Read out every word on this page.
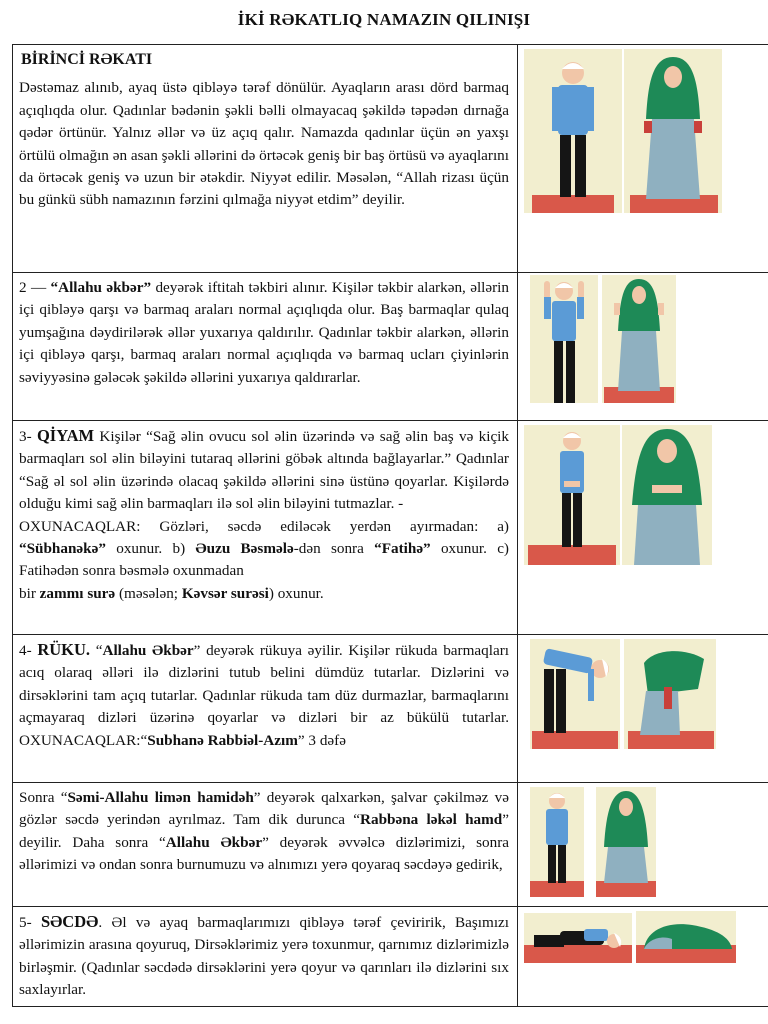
İKİ RƏKATLIQ NAMAZIN QILINIŞI
BİRİNCİ RƏKATI
Dəstəmaz alınıb, ayaq üstə qibləyə tərəf dönülür. Ayaqların arası dörd barmaq açıqlıqda olur. Qadınlar bədənin şəkli bəlli olmayacaq şəkildə təpədən dırnağa qədər örtünür. Yalnız əllər və üz açıq qalır. Namazda qadınlar üçün ən yaxşı örtülü olmağın ən asan şəkli əllərini də örtəcək geniş bir baş örtüsü və ayaqlarını da örtəcək geniş və uzun bir ətəkdir. Niyyət edilir. Məsələn, “Allah rizası üçün bu günkü sübh namazının fərzini qılmağa niyyət etdim” deyilir.	

2 — “Allahu əkbər” deyərək iftitah təkbiri alınır. Kişilər təkbir alarkən, əllərin içi qibləyə qarşı və barmaq araları normal açıqlıqda olur. Baş barmaqlar qulaq yumşağına dəydirilərək əllər yuxarıya qaldırılır. Qadınlar təkbir alarkən, əllərin içi qibləyə qarşı, barmaq araları normal açıqlıqda və barmaq ucları çiyinlərin səviyyəsinə gələcək şəkildə əllərini yuxarıya qaldırarlar.	

3- QİYAM Kişilər “Sağ əlin ovucu sol əlin üzərində və sağ əlin baş və kiçik barmaqları sol əlin biləyini tutaraq əllərini göbək altında bağlayarlar.” Qadınlar “Sağ əl sol əlin üzərində olacaq şəkildə əllərini sinə üstünə qoyarlar. Kişilərdə olduğu kimi sağ əlin barmaqları ilə sol əlin biləyini tutmazlar. -
OXUNACAQLAR: Gözləri, səcdə ediləcək yerdən ayırmadan: a) “Sübhanəkə” oxunur. b) Əuzu Bəsmələ-dən sonra “Fatihə” oxunur. c) Fatihədən sonra bəsmələ oxunmadan
bir zammı surə (məsələn; Kəvsər surəsi) oxunur.	

4- RÜKU. “Allahu Əkbər” deyərək rükuya əyilir. Kişilər rükuda barmaqları acıq olaraq əlləri ilə dizlərini tutub belini dümdüz tutarlar. Dizlərini və dirsəklərini tam açıq tutarlar. Qadınlar rükuda tam düz durmazlar, barmaqlarını açmayaraq dizləri üzərinə qoyarlar və dizləri bir az bükülü tutarlar. OXUNACAQLAR:“Subhanə Rabbiəl-Azım” 3 dəfə	

Sonra “Səmi-Allahu limən hamidəh” deyərək qalxarkən, şalvar çəkilməz və gözlər səcdə yerindən ayrılmaz. Tam dik durunca “Rabbəna ləkəl hamd” deyilir. Daha sonra “Allahu Əkbər” deyərək əvvəlcə dizlərimizi, sonra əllərimizi və ondan sonra burnumuzu və alnımızı yerə qoyaraq səcdəyə gedirik,	

5- SƏCDƏ. Əl və ayaq barmaqlarımızı qibləyə tərəf çeviririk, Başımızı əllərimizin arasına qoyuruq, Dirsəklərimiz yerə toxunmur, qarnımız dizlərimizlə birləşmir. (Qadınlar səcdədə dirsəklərini yerə qoyur və qarınları ilə dizlərini sıx saxlayırlar.	
